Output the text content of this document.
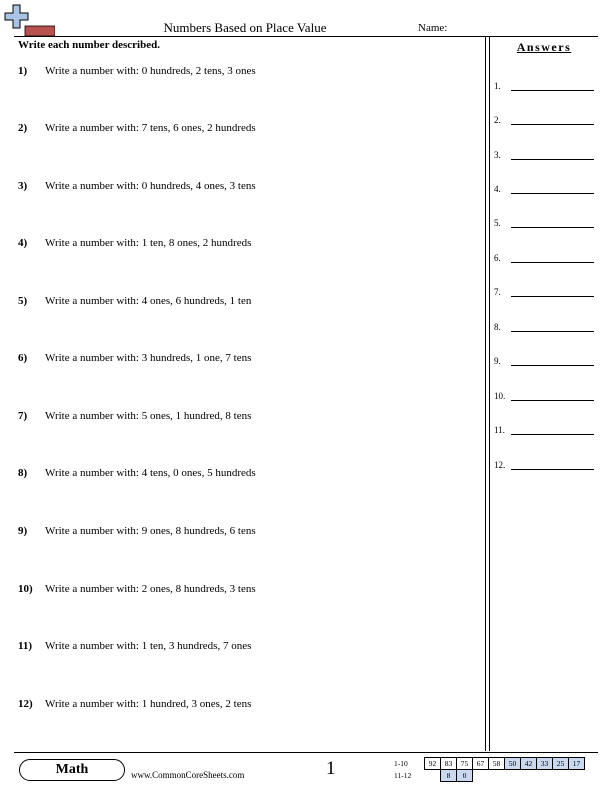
Numbers Based on Place Value	Name:
Write each number described.
1) Write a number with: 0 hundreds, 2 tens, 3 ones
2) Write a number with: 7 tens, 6 ones, 2 hundreds
3) Write a number with: 0 hundreds, 4 ones, 3 tens
4) Write a number with: 1 ten, 8 ones, 2 hundreds
5) Write a number with: 4 ones, 6 hundreds, 1 ten
6) Write a number with: 3 hundreds, 1 one, 7 tens
7) Write a number with: 5 ones, 1 hundred, 8 tens
8) Write a number with: 4 tens, 0 ones, 5 hundreds
9) Write a number with: 9 ones, 8 hundreds, 6 tens
10) Write a number with: 2 ones, 8 hundreds, 3 tens
11) Write a number with: 1 ten, 3 hundreds, 7 ones
12) Write a number with: 1 hundred, 3 ones, 2 tens
Answers
1.
2.
3.
4.
5.
6.
7.
8.
9.
10.
11.
12.
Math	www.CommonCoreSheets.com	1	1-10	92	83	75	67	58	50	42	33	25	17
11-12		8	0							
